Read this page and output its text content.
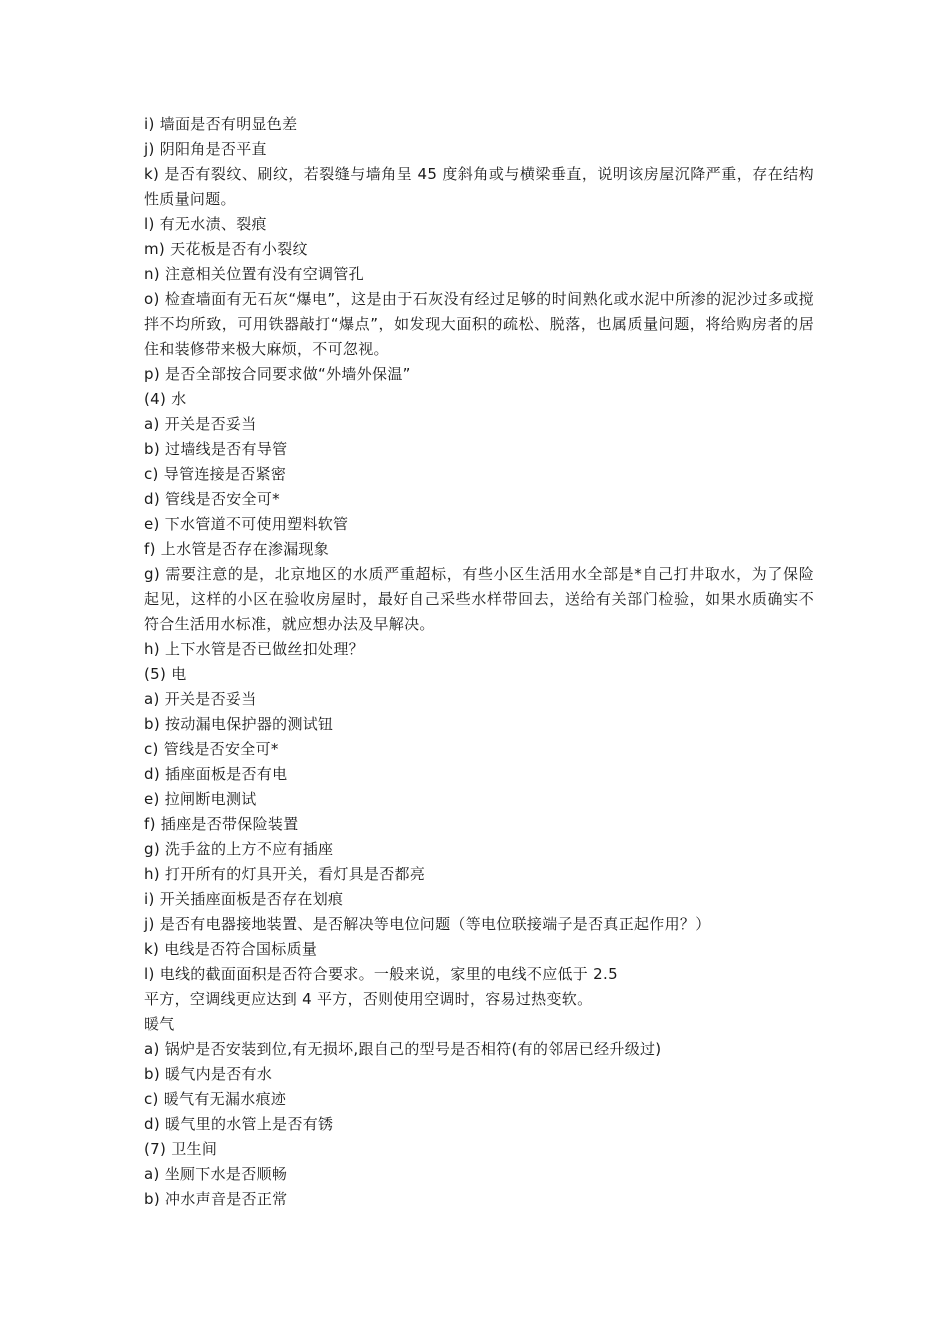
i) 墙面是否有明显色差
j) 阴阳角是否平直
k) 是否有裂纹、刷纹，若裂缝与墙角呈 45 度斜角或与横梁垂直，说明该房屋沉降严重，存在结构性质量问题。
l) 有无水渍、裂痕
m) 天花板是否有小裂纹
n) 注意相关位置有没有空调管孔
o) 检查墙面有无石灰“爆电”，这是由于石灰没有经过足够的时间熟化或水泥中所渗的泥沙过多或搅拌不均所致，可用铁器敲打“爆点”，如发现大面积的疏松、脱落，也属质量问题，将给购房者的居住和装修带来极大麻烦，不可忽视。
p) 是否全部按合同要求做“外墙外保温”
(4) 水
a) 开关是否妥当
b) 过墙线是否有导管
c) 导管连接是否紧密
d) 管线是否安全可*
e) 下水管道不可使用塑料软管
f) 上水管是否存在渗漏现象
g) 需要注意的是，北京地区的水质严重超标，有些小区生活用水全部是*自己打井取水，为了保险起见，这样的小区在验收房屋时，最好自己采些水样带回去，送给有关部门检验，如果水质确实不符合生活用水标准，就应想办法及早解决。
h) 上下水管是否已做丝扣处理？
(5) 电
a) 开关是否妥当
b) 按动漏电保护器的测试钮
c) 管线是否安全可*
d) 插座面板是否有电
e) 拉闸断电测试
f) 插座是否带保险装置
g) 洗手盆的上方不应有插座
h) 打开所有的灯具开关，看灯具是否都亮
i) 开关插座面板是否存在划痕
j) 是否有电器接地装置、是否解决等电位问题（等电位联接端子是否真正起作用？）
k) 电线是否符合国标质量
l) 电线的截面面积是否符合要求。一般来说，家里的电线不应低于 2.5
平方，空调线更应达到 4 平方，否则使用空调时，容易过热变软。
暖气
a) 锅炉是否安装到位,有无损坏,跟自己的型号是否相符(有的邻居已经升级过)
b) 暖气内是否有水
c) 暖气有无漏水痕迹
d) 暖气里的水管上是否有锈
(7) 卫生间
a) 坐厕下水是否顺畅
b) 冲水声音是否正常
